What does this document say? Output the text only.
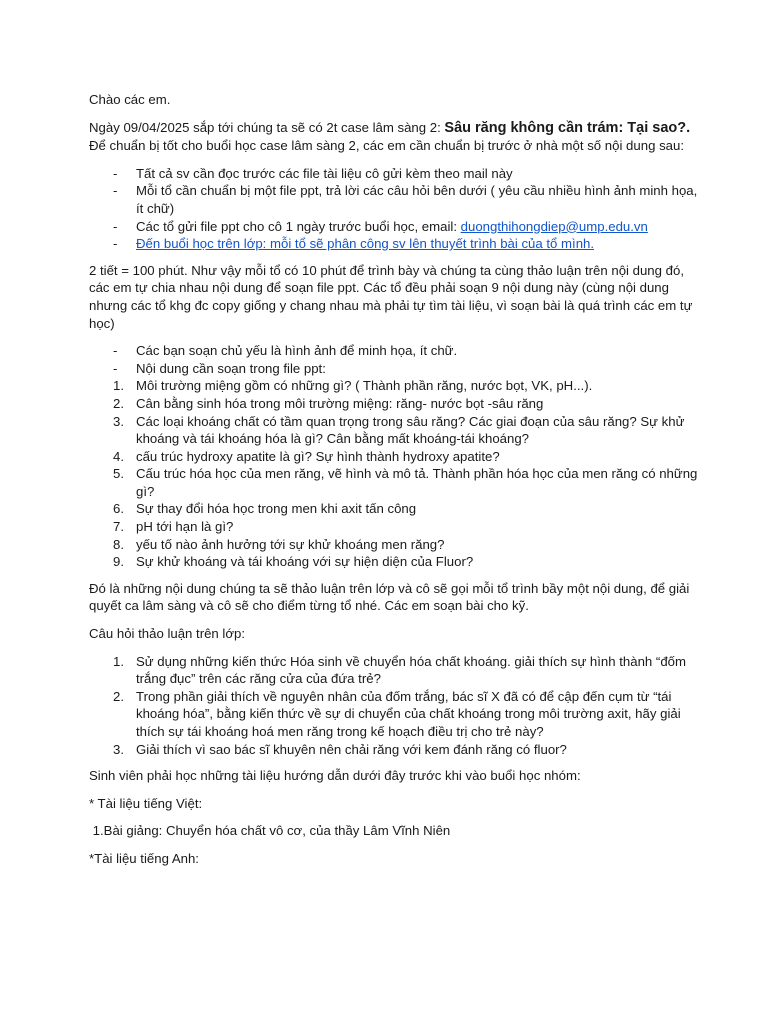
Chào các em.

Ngày 09/04/2025 sắp tới chúng ta sẽ có 2t case lâm sàng 2: Sâu răng không cần trám: Tại sao?. Để chuẩn bị tốt cho buổi học case lâm sàng 2, các em cần chuẩn bị trước ở nhà một số nội dung sau:

- Tất cả sv cần đọc trước các file tài liệu cô gửi kèm theo mail này
- Mỗi tổ cần chuẩn bị một file ppt, trả lời các câu hỏi bên dưới ( yêu cầu nhiều hình ảnh minh họa, ít chữ)
- Các tổ gửi file ppt cho cô 1 ngày trước buổi học, email: duongthihongdiep@ump.edu.vn
- Đến buổi học trên lớp: mỗi tổ sẽ phân công sv lên thuyết trình bài của tổ mình.

2 tiết = 100 phút. Như vậy mỗi tổ có 10 phút để trình bày và chúng ta cùng thảo luận trên nội dung đó, các em tự chia nhau nội dung để soạn file ppt. Các tổ đều phải soạn 9 nội dung này (cùng nội dung nhưng các tổ khg đc copy giống y chang nhau mà phải tự tìm tài liệu, vì soạn bài là quá trình các em tự học)

- Các bạn soạn chủ yếu là hình ảnh để minh họa, ít chữ.
- Nội dung cần soạn trong file ppt:
1. Môi trường miệng gồm có những gì? ( Thành phần răng, nước bọt, VK, pH...).
2. Cân bằng sinh hóa trong môi trường miệng: răng- nước bọt -sâu răng
3. Các loại khoáng chất có tầm quan trọng trong sâu răng? Các giai đoạn của sâu răng? Sự khử khoáng và tái khoáng hóa là gì? Cân bằng mất khoáng-tái khoáng?
4. cấu trúc hydroxy apatite là gì? Sự hình thành hydroxy apatite?
5. Cấu trúc hóa học của men răng, vẽ hình và mô tả. Thành phần hóa học của men răng có những gì?
6. Sự thay đổi hóa học trong men khi axit tấn công
7. pH tới hạn là gì?
8. yếu tố nào ảnh hưởng tới sự khử khoáng men răng?
9. Sự khử khoáng và tái khoáng với sự hiện diện của Fluor?

Đó là những nội dung chúng ta sẽ thảo luận trên lớp và cô sẽ gọi mỗi tổ trình bầy một nội dung, để giải quyết ca lâm sàng và cô sẽ cho điểm từng tổ nhé. Các em soạn bài cho kỹ.

Câu hỏi thảo luận trên lớp:

1. Sử dụng những kiến thức Hóa sinh về chuyển hóa chất khoáng. giải thích sự hình thành “đốm trắng đục” trên các răng cửa của đứa trẻ?
2. Trong phần giải thích về nguyên nhân của đốm trắng, bác sĩ X đã có để cập đến cụm từ “tái khoáng hóa”, bằng kiến thức về sự di chuyển của chất khoáng trong môi trường axit, hãy giải thích sự tái khoáng hoá men răng trong kế hoạch điều trị cho trẻ này?
3. Giải thích vì sao bác sĩ khuyên nên chải răng với kem đánh răng có fluor?

Sinh viên phải học những tài liệu hướng dẫn dưới đây trước khi vào buổi học nhóm:

* Tài liệu tiếng Việt:

1.Bài giảng: Chuyển hóa chất vô cơ, của thầy Lâm Vĩnh Niên

*Tài liệu tiếng Anh:
